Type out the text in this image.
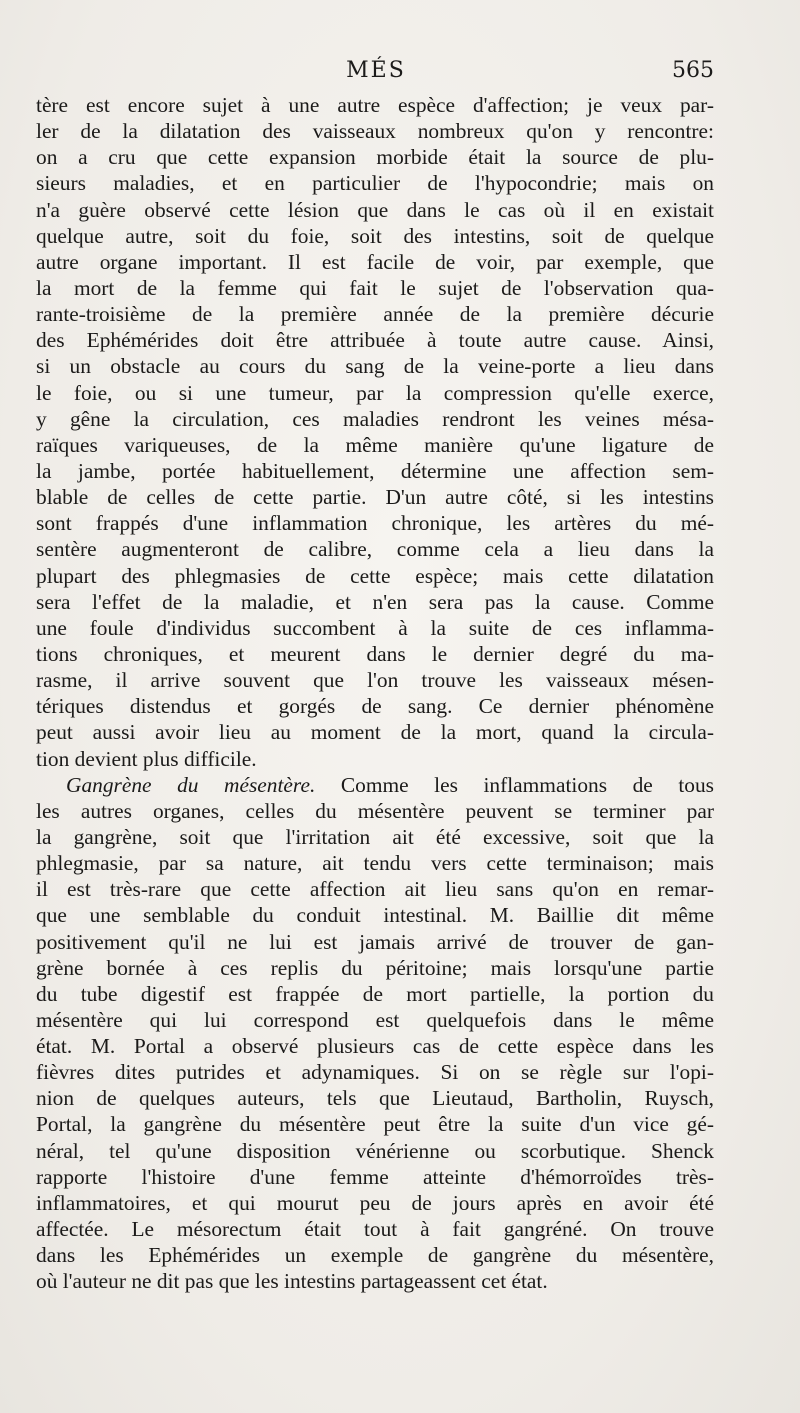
MÉS	565
tère est encore sujet à une autre espèce d'affection; je veux par-
ler de la dilatation des vaisseaux nombreux qu'on y rencontre:
on a cru que cette expansion morbide était la source de plu-
sieurs maladies, et en particulier de l'hypocondrie; mais on
n'a guère observé cette lésion que dans le cas où il en existait
quelque autre, soit du foie, soit des intestins, soit de quelque
autre organe important. Il est facile de voir, par exemple, que
la mort de la femme qui fait le sujet de l'observation qua-
rante-troisième de la première année de la première décurie
des Ephémérides doit être attribuée à toute autre cause. Ainsi,
si un obstacle au cours du sang de la veine-porte a lieu dans
le foie, ou si une tumeur, par la compression qu'elle exerce,
y gêne la circulation, ces maladies rendront les veines mésa-
raïques variqueuses, de la même manière qu'une ligature de
la jambe, portée habituellement, détermine une affection sem-
blable de celles de cette partie. D'un autre côté, si les intestins
sont frappés d'une inflammation chronique, les artères du mé-
sentère augmenteront de calibre, comme cela a lieu dans la
plupart des phlegmasies de cette espèce; mais cette dilatation
sera l'effet de la maladie, et n'en sera pas la cause. Comme
une foule d'individus succombent à la suite de ces inflamma-
tions chroniques, et meurent dans le dernier degré du ma-
rasme, il arrive souvent que l'on trouve les vaisseaux mésen-
tériques distendus et gorgés de sang. Ce dernier phénomène
peut aussi avoir lieu au moment de la mort, quand la circula-
tion devient plus difficile.
Gangrène du mésentère. Comme les inflammations de tous
les autres organes, celles du mésentère peuvent se terminer par
la gangrène, soit que l'irritation ait été excessive, soit que la
phlegmasie, par sa nature, ait tendu vers cette terminaison; mais
il est très-rare que cette affection ait lieu sans qu'on en remar-
que une semblable du conduit intestinal. M. Baillie dit même
positivement qu'il ne lui est jamais arrivé de trouver de gan-
grène bornée à ces replis du péritoine; mais lorsqu'une partie
du tube digestif est frappée de mort partielle, la portion du
mésentère qui lui correspond est quelquefois dans le même
état. M. Portal a observé plusieurs cas de cette espèce dans les
fièvres dites putrides et adynamiques. Si on se règle sur l'opi-
nion de quelques auteurs, tels que Lieutaud, Bartholin, Ruysch,
Portal, la gangrène du mésentère peut être la suite d'un vice gé-
néral, tel qu'une disposition vénérienne ou scorbutique. Shenck
rapporte l'histoire d'une femme atteinte d'hémorroïdes très-
inflammatoires, et qui mourut peu de jours après en avoir été
affectée. Le mésorectum était tout à fait gangréné. On trouve
dans les Ephémérides un exemple de gangrène du mésentère,
où l'auteur ne dit pas que les intestins partageassent cet état.
